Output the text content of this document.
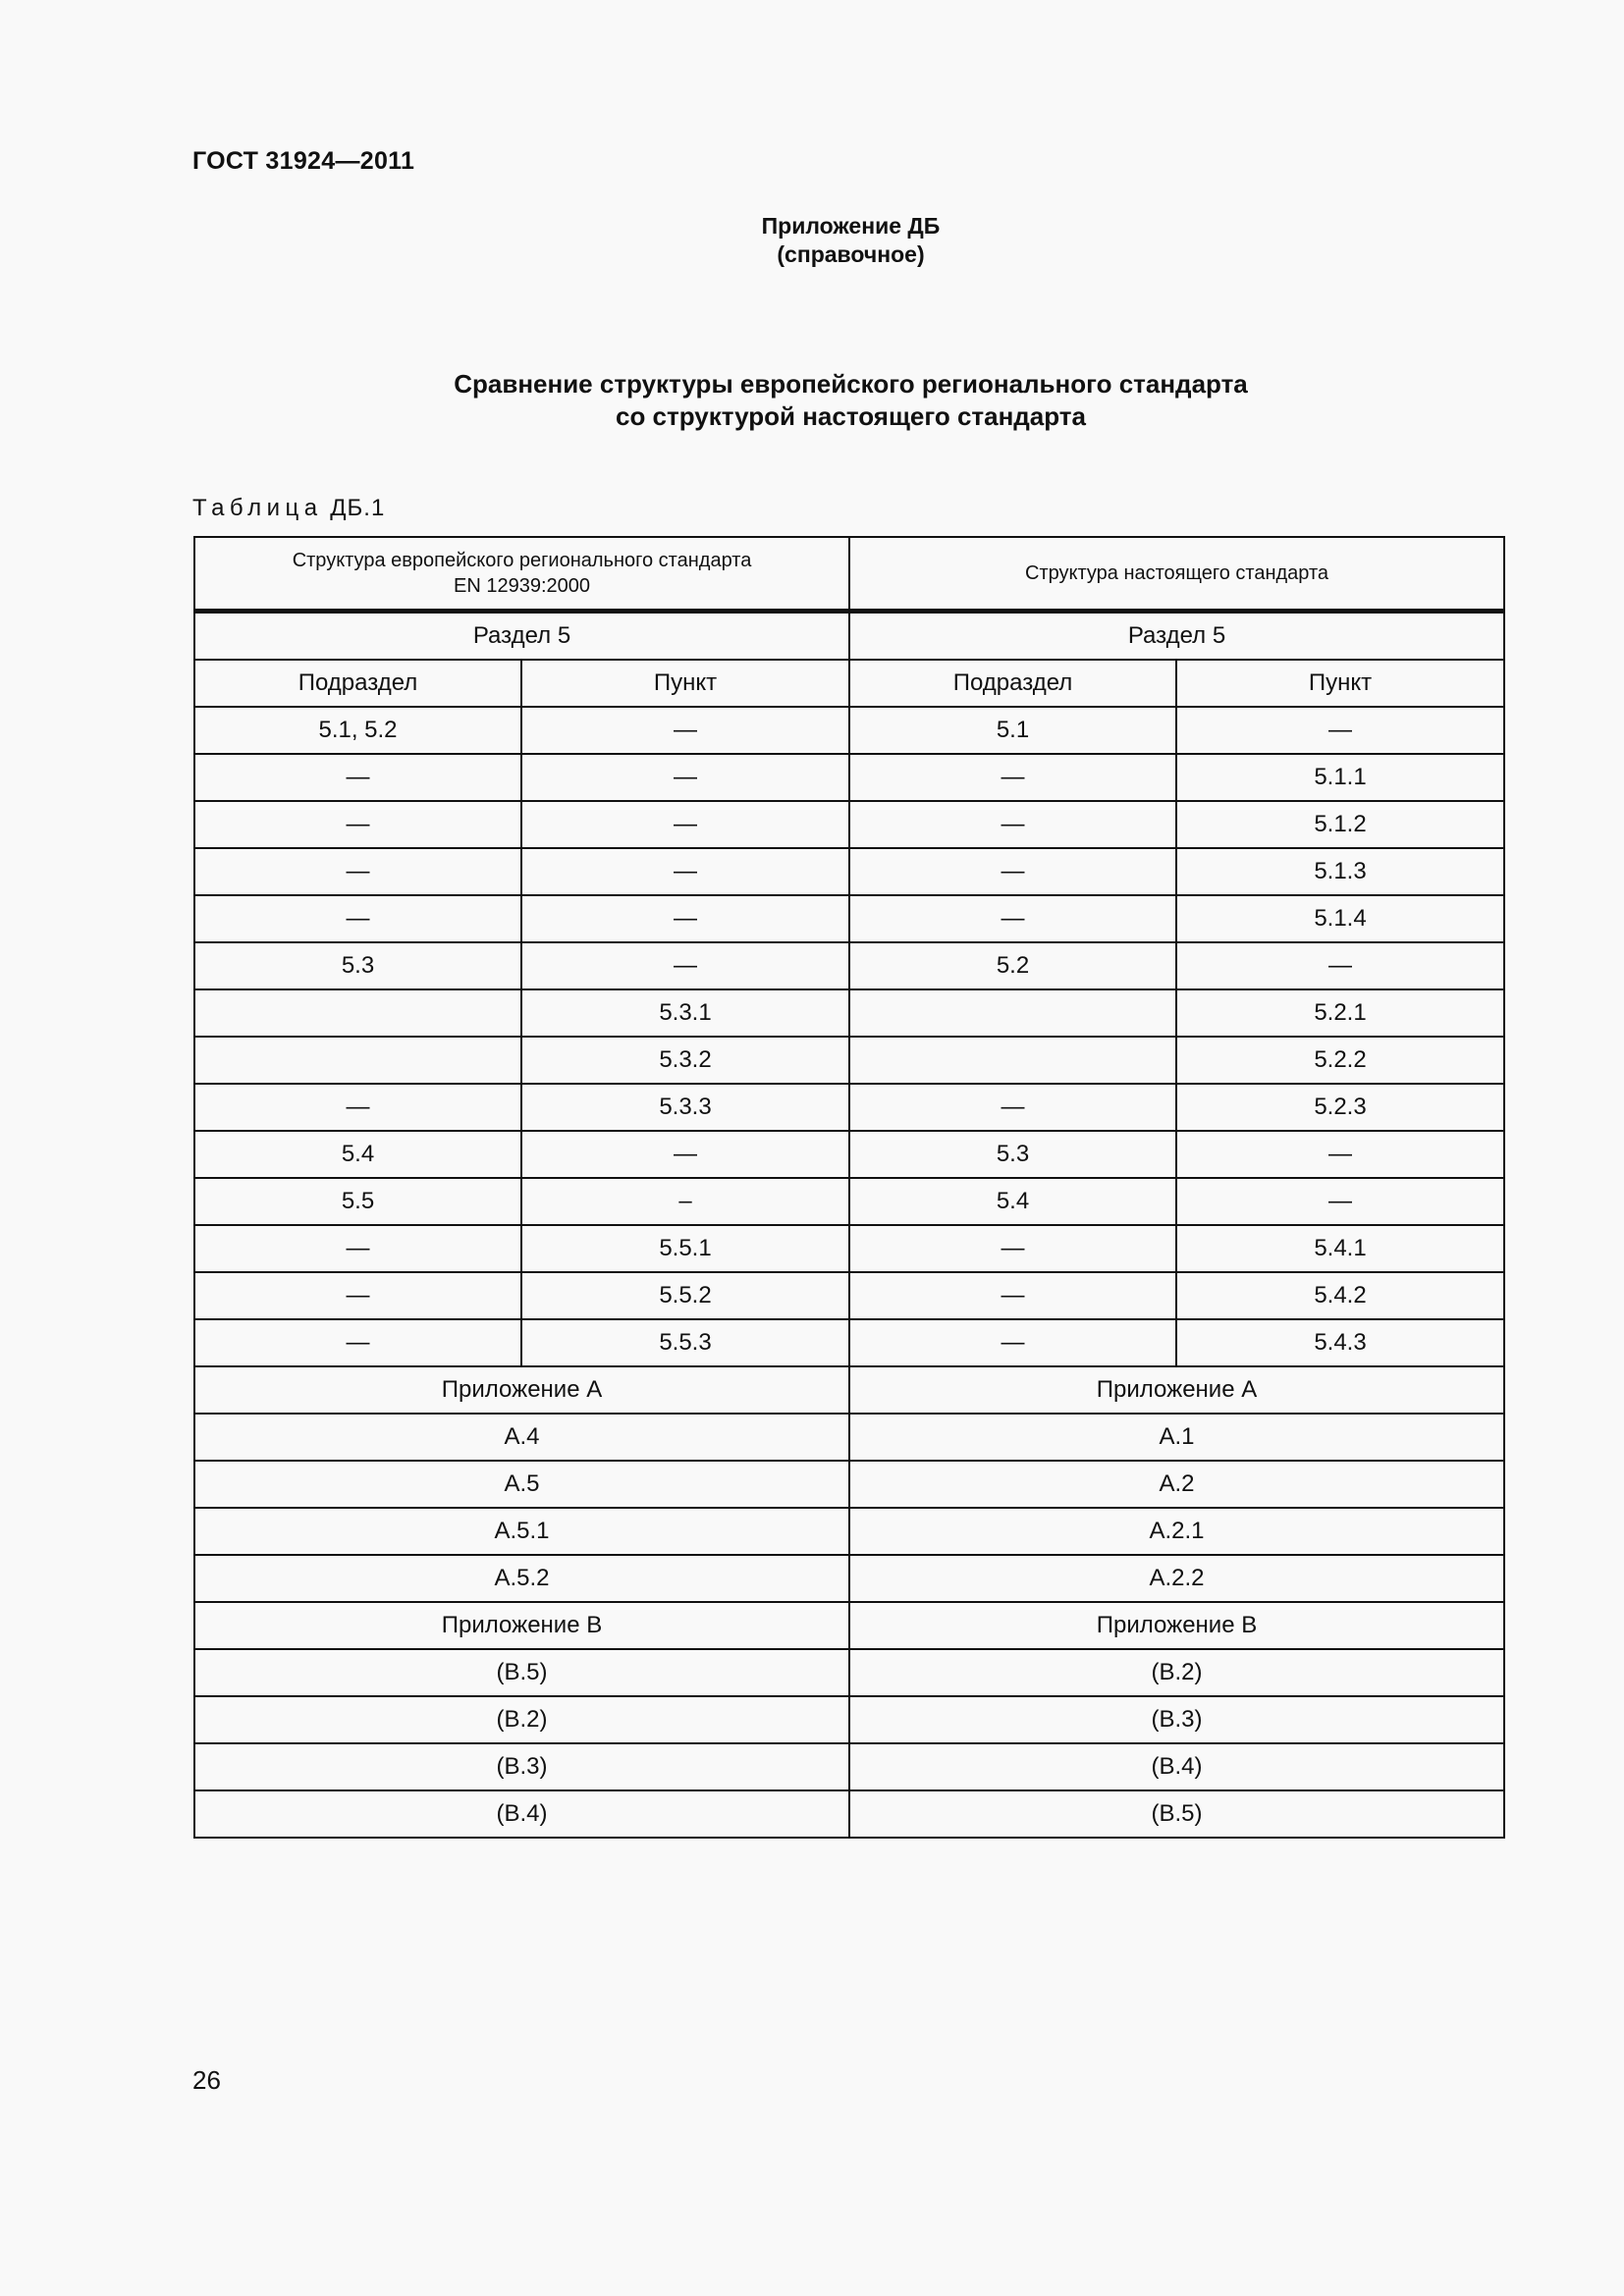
ГОСТ 31924—2011
Приложение ДБ
(справочное)
Сравнение структуры европейского регионального стандарта
со структурой настоящего стандарта
Таблица ДБ.1
Структура европейского регионального стандарта
EN 12939:2000		Структура настоящего стандарта	
Раздел 5		Раздел 5	
Подраздел	Пункт	Подраздел	Пункт
5.1, 5.2	—	5.1	—
—	—	—	5.1.1
—	—	—	5.1.2
—	—	—	5.1.3
—	—	—	5.1.4
5.3	—	5.2	—
	5.3.1		5.2.1
	5.3.2		5.2.2
—	5.3.3	—	5.2.3
5.4	—	5.3	—
5.5	–	5.4	—
—	5.5.1	—	5.4.1
—	5.5.2	—	5.4.2
—	5.5.3	—	5.4.3
Приложение А		Приложение А	
А.4		А.1	
А.5		А.2	
А.5.1		А.2.1	
А.5.2		А.2.2	
Приложение В		Приложение В	
(В.5)		(В.2)	
(В.2)		(В.3)	
(В.3)		(В.4)	
(В.4)		(В.5)	
26
